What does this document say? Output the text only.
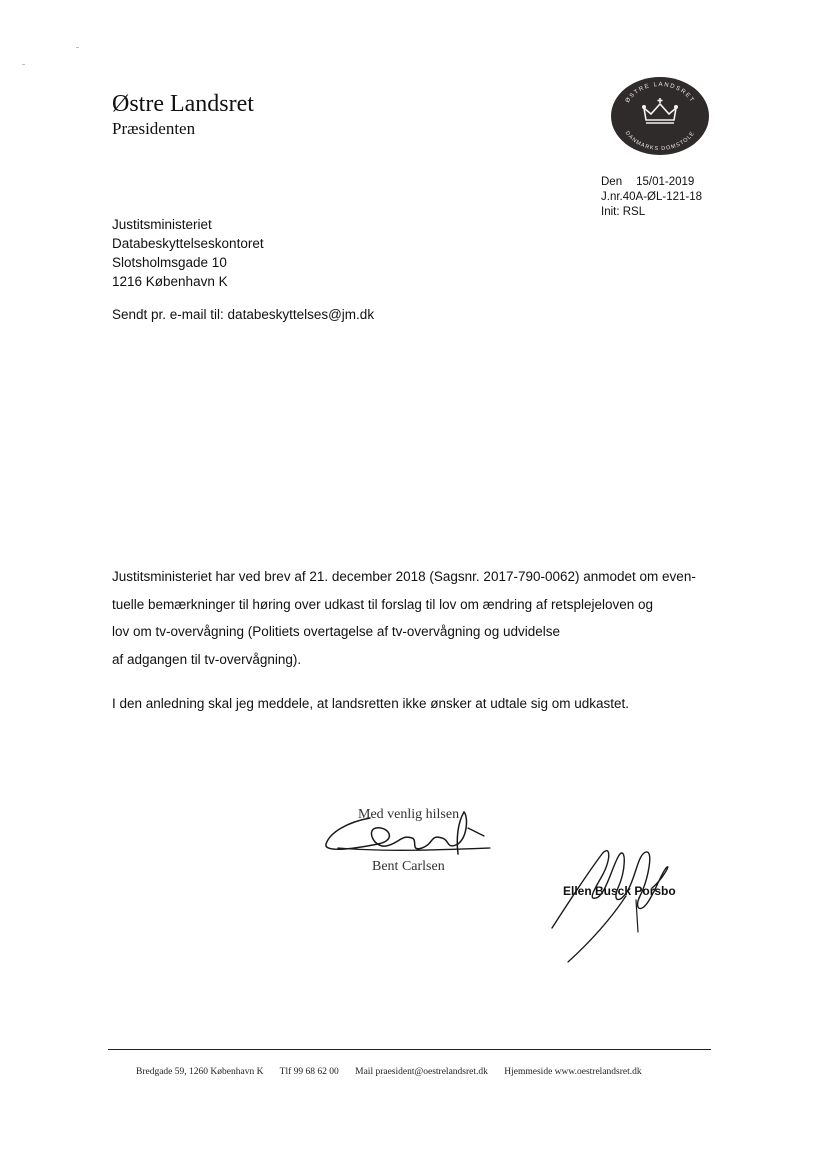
Østre Landsret
Præsidenten
ØSTRE LANDSRET
DANMARKS DOMSTOLE
Den 15/01-2019
J.nr.40A-ØL-121-18
Init: RSL
Justitsministeriet
Databeskyttelseskontoret
Slotsholmsgade 10
1216 København K
Sendt pr. e-mail til: databeskyttelses@jm.dk
Justitsministeriet har ved brev af 21. december 2018 (Sagsnr. 2017-790-0062) anmodet om even-
tuelle bemærkninger til høring over udkast til forslag til lov om ændring af retsplejeloven og
lov om tv-overvågning (Politiets overtagelse af tv-overvågning og udvidelse
af adgangen til tv-overvågning).
I den anledning skal jeg meddele, at landsretten ikke ønsker at udtale sig om udkastet.
Med venlig hilsen
Bent Carlsen
Ellen Busck Porsbo
Bredgade 59, 1260 København K Tlf 99 68 62 00 Mail praesident@oestrelandsret.dk Hjemmeside www.oestrelandsret.dk
